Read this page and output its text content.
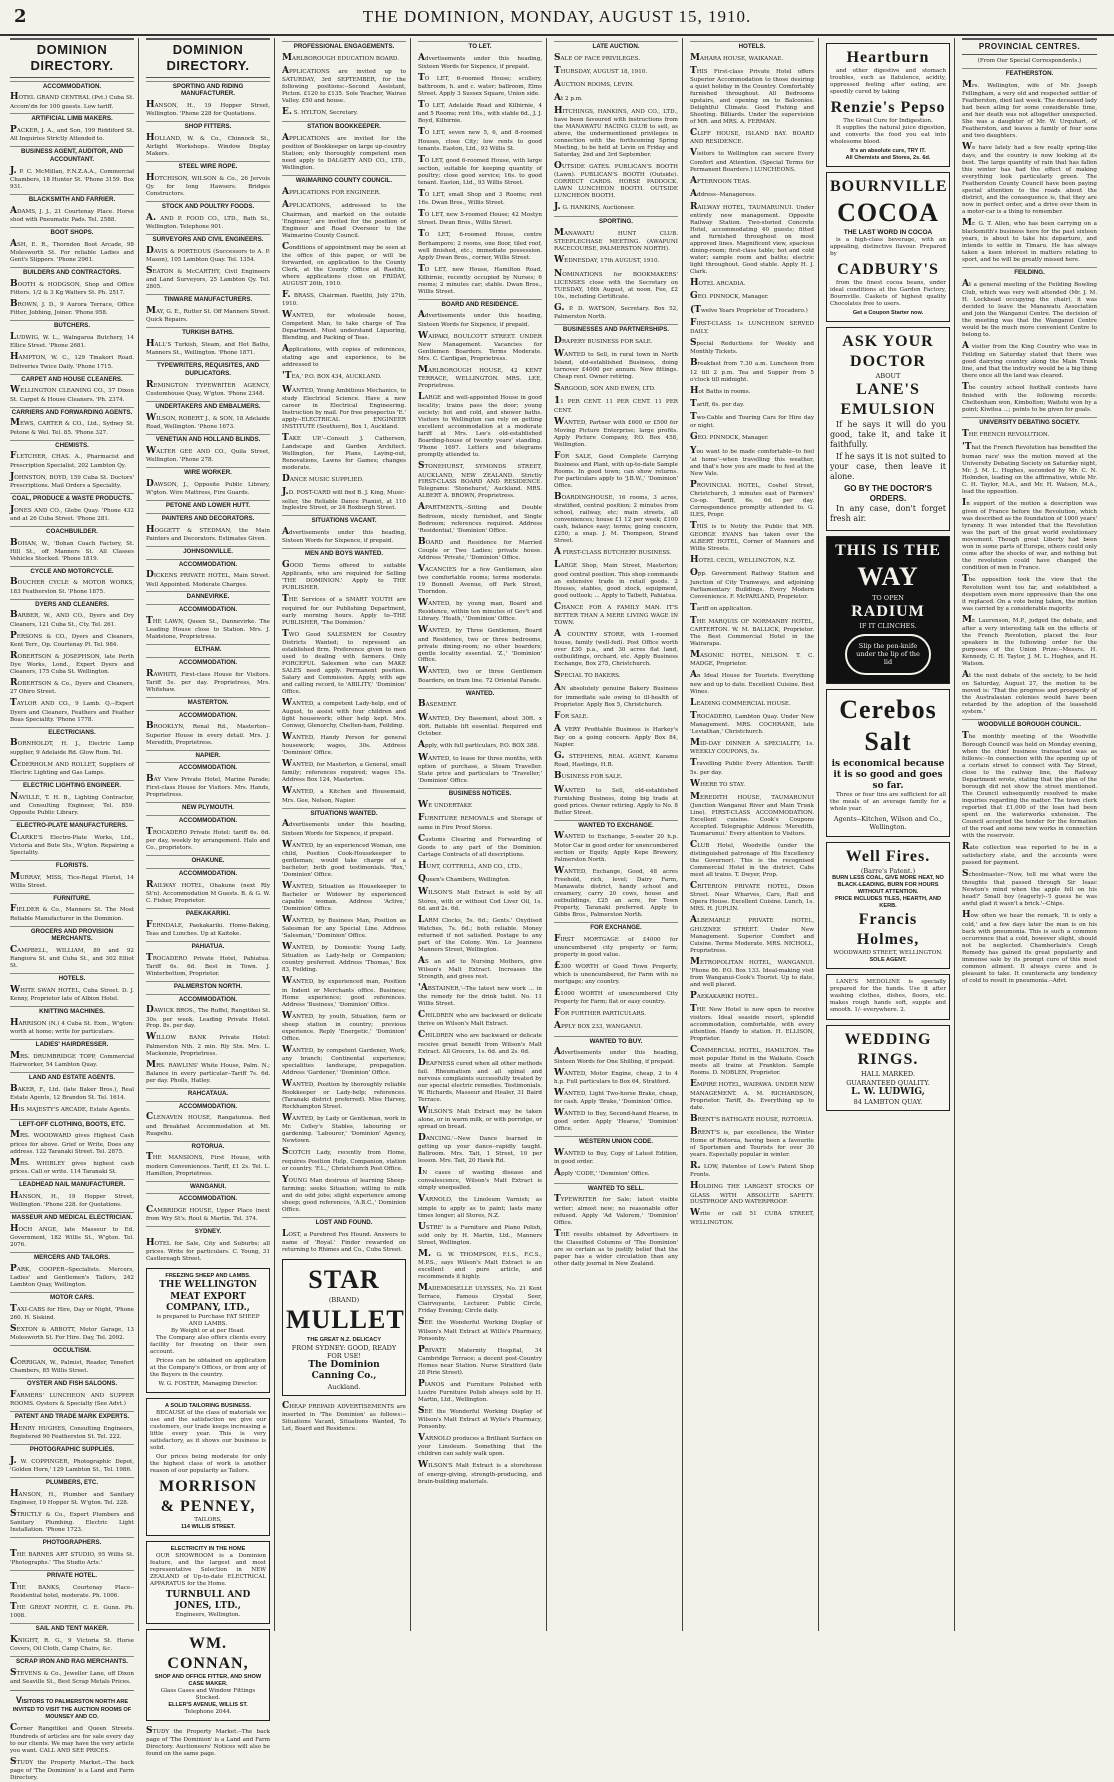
2	THE DOMINION, MONDAY, AUGUST 15, 1910.
DOMINION DIRECTORY.
ACCOMMODATION.
HOTEL GRAND CENTRAL (Pvt.) Cuba St. Accom'dn for 100 guests. Low tariff.
ARTIFICIAL LIMB MAKERS.
PACKER, J. A., and Son, 199 Riddiford St. All Inquiries Strictly Attended to.
BUSINESS AGENT, AUDITOR, AND ACCOUNTANT.
J. P. C. McMillan, F.N.Z.A.A., Commercial Chambers, 18 Hunter St. 'Phone 3159. Box 931.
BLACKSMITH AND FARRIER.
ADAMS, J. J., 21 Courtenay Place. Horse shod with Pneumatic Pads. Tel. 2588.
BOOT SHOPS.
ASH, E. R., Thorndon Boot Arcade, 98 Molesworth St. For reliable Ladies and Gent's Slippers. 'Phone 2961.
BUILDERS AND CONTRACTORS.
BOOTH & HODGSON, Shop and Office Fitters. 1/2 & 3 Kg Walters St. Ph. 2517.
BROWN, J. D., 9 Aurora Terrace, Office Fitter, Jobbing, Joiner. 'Phone 958.
BUTCHERS.
LUDWIG, W. L., Walngaroa Butchery, 14 Ellice Street. 'Phone 2681.
HAMPTON, W. C., 129 Tinakori Road. Deliveries Twice Daily. 'Phone 1715.
CARPET AND HOUSE CLEANERS.
WELLINGTON CLEANING CO., 37 Dixon St. Carpet & House Cleaners. 'Ph. 2374.
CARRIERS AND FORWARDING AGENTS.
MEWS, CARTER & CO., Ltd., Sydney St. Petone & Wel. Tel. 85. 'Phone 327.
CHEMISTS.
FLETCHER, CHAS. A., Pharmacist and Prescription Specialist, 202 Lambton Qy.
JOHNSTON, BOYD, 159 Cuba St. Doctors' Prescriptions. Mail Orders a Speciality.
COAL, PRODUCE & WASTE PRODUCTS.
JONES AND CO., Glebe Quay. 'Phone 432 and at 26 Cuba Street. 'Phone 281.
COACHBUILDER.
BOHAN, W., 'Bohan Coach Factory, St. Hill St., off Manners St. All Classes Vehicles Stocked. 'Phone 1819.
CYCLE AND MOTORCYCLE.
BOUCHER CYCLE & MOTOR WORKS, 183 Featherston St. 'Phone 1875.
DYERS AND CLEANERS.
BARBER, W., AND CO., Dyers and Dry Cleaners, 121 Cuba St., Cty. Tel. 261.
PERSONS & CO., Dyers and Cleaners, Kent Terr., Op. Courtenay Pl. Tel. 984.
ROBERTSON & JOSEPHSON, late Perth Dye Works, Lond., Expert Dyers and Cleaners, 175 Cuba St. Wellington.
ROBERTSON & Co., Dyers and Cleaners, 27 Ohiro Street.
TAYLOR AND CO., 9 Lamb. Q.--Expert Dyers and Cleaners, Feathers and Feather Boas Speciality. 'Phone 1778.
ELECTRICIANS.
BORNHOLDT, H. J., Electric Lamp supplier, 9 Adelaide Rd. Glow Rum. Tel.
CEDERHOLM AND ROLLET, Suppliers of Electric Lighting and Gas Lamps.
ELECTRIC LIGHTING ENGINEER.
NAVILLE, T. H. B., Lighting Contractor, and Consulting Engineer, Tel. 859. Opposite Public Library.
ELECTRO-PLATE MANUFACTURERS.
CLARKE'S Electro-Plate Works, Ltd., Victoria and Bute Sts., W'gton. Repairing a Speciality.
FLORISTS.
MURRAY, MISS, Tice-Regal Florist, 14 Willis Street.
FURNITURE.
FIELDER & Co., Manners St. The Most Reliable Manufacturer in the Dominion.
GROCERS AND PROVISION MERCHANTS.
CAMPBELL, WILLIAM, 89 and 92 Rangiora St. and Cuba St., and 302 Elliot St.
HOTELS.
WHITE SWAN HOTEL, Cuba Street. D. J. Kenny, Proprietor late of Albion Hotel.
KNITTING MACHINES.
HARRISON (N.) 4 Cuba St. Exm., W'gton: worth at home; write for particulars.
LADIES' HAIRDRESSER.
MRS. DRUMBRIDGE TOPP, Commercial Hairworker, 54 Lambton Quay.
LAND AND ESTATE AGENTS.
BAKER, F., Ltd. (late Baker Bros.), Real Estate Agents, 12 Brandon St. Tel. 1614.
HIS MAJESTY'S ARCADE, Estate Agents.
LEFT-OFF CLOTHING, BOOTS, ETC.
MRS. WOODWARD gives Highest Cash prices for above. Grief or Write, Does any address. 122 Taranaki Street. Tel. 2875.
MRS. WHIBLEY gives highest cash prices. Call or write. 114 Taranaki St.
LEADHEAD NAIL MANUFACTURER.
HANSON, H., 19 Hopper Street, Wellington. 'Phone 228. for Quotations.
MASSEUR AND MEDICAL ELECTRICIAN.
HOCH ANGE, late Masseur to Ed. Government, 182 Willis St., W'gton. Tel. 2076.
MERCERS AND TAILORS.
PARK, COOPER--Specialists. Mercers, Ladies' and Gentlemen's Tailors, 242 Lambton Quay, Wellington.
MOTOR CARS.
TAXI-CABS for Hire, Day or Night, 'Phone 260. H. Siskind.
SEXTON & ABBOTT, Motor Garage, 13 Molesworth St. For Hire. Day, Tel. 2092.
OCCULTISM.
CORRIGAN, W., Palmist, Reader, Tenefert Chambers, 85 Willis Street.
OYSTER AND FISH SALOONS.
FARMERS' LUNCHEON AND SUPPER ROOMS. Oysters & Specialty (See Advt.)
PATENT AND TRADE MARK EXPERTS.
HENRY HUGHES, Consulting Engineers, Registered 90 Featherston St. Tel. 222.
PHOTOGRAPHIC SUPPLIES.
J. W. COPPINGER, Photographic Depot, 'Golden Horn,' 129 Lambton St., Tel. 1986.
PLUMBERS, ETC.
HANSON, H., Plumber and Sanitary Engineer, 19 Hopper St. W'gton. Tel. 228.
STRICTLY & Co., Expert Plumbers and Sanitary Plumbing. Electric Light Installation. 'Phone 1723.
PHOTOGRAPHERS.
THE BARNES ART STUDIO, 95 Willis St. 'Photographs.' 'The Studio Arts.'
PRIVATE HOTEL.
THE BANKS, Courtenay Place--Residential hotel, moderate. Ph. 1006.
THE GREAT NORTH, C. E. Gunn. Ph. 1008.
SAIL AND TENT MAKER.
KNIGHT, R. G., 9 Victoria St. Horse Covers, Oil Cloth, Camp Chairs, &c.
SCRAP IRON AND RAG MERCHANTS.
STEVENS & Co., Jeweller Lane, off Dixon and Seaville St., Best Scrap Metals Prices.
VISITORS TO PALMERSTON NORTH ARE INVITED TO VISIT THE AUCTION ROOMS OF MOUNSEY AND CO.
Corner Rangitikei and Queen Streets. Hundreds of articles are for sale every day to our clients. We may have the very article you want. CALL AND SEE PRICES.
STUDY the Property Market.--The back page of 'The Dominion' is a Land and Farm Directory.
DOMINION DIRECTORY.
SPORTING AND RIDING MANUFACTURER.
HANSON, H., 19 Hopper Street, Wellington. 'Phone 228 for Quotations.
SHOP FITTERS.
HOLLAND, W. & Co., Chinnock St., Airlight Workshops. Window Display Makers.
STEEL WIRE ROPE.
HOTCHISON, WILSON & Co., 26 Jervois Qy. for long Hawsers. Bridges Constructors.
STOCK AND POULTRY FOODS.
A. AND P. FOOD CO., LTD., Bath St., Wellington. Telephone 901.
SURVEYORS AND CIVIL ENGINEERS.
DAVIS & PORTEOUS (Successors to A. P. Mason), 105 Lambton Quay. Tel. 1354.
SEATON & McCARTHY, Civil Engineers and Land Surveyors, 25 Lambton Qy. Tel. 2805.
TINWARE MANUFACTURERS.
MAY, G. E., Rutter St. Off Manners Street. Quick Repairs.
TURKISH BATHS.
HALL'S Turkish, Steam, and Hot Baths, Manners St., Wellington. 'Phone 1871.
TYPEWRITERS, REQUISITES, AND DUPLICATORS.
REMINGTON TYPEWRITER AGENCY, Customhouse Quay, W'gton. 'Phone 2348.
UNDERTAKERS AND EMBALMERS.
WILSON, ROBERT J., & SON, 18 Adelaide Road, Wellington. 'Phone 1673.
VENETIAN AND HOLLAND BLINDS.
WALTER GEE AND CO., Quila Street, Wellington. 'Phone 278.
WIRE WORKER.
DAWSON, J., Opposite Public Library, W'gton. Wire Mattress, Fire Guards.
PETONE AND LOWER HUTT.
PAINTERS AND DECORATORS.
HOGGETT & STEDMAN, the Main Painters and Decorators. Estimates Given.
JOHNSONVILLE.
ACCOMMODATION.
DICKENS PRIVATE HOTEL, Main Street. Well Appointed. Moderate Charges.
DANNEVIRKE.
ACCOMMODATION.
THE LAWN, Queen St., Dannevirke. The Leading House close to Station. Mrs. J. Maidstone, Proprietress.
ELTHAM.
ACCOMMODATION.
RAWHITI, First-class House for Visitors. Tariff 5s. per day. Proprietress, Mrs. Whitehaw.
MASTERTON.
ACCOMMODATION.
BROOKLYN, Renal Rd., Masterton--Superior House in every detail. Mrs. J. Meredith, Proprietress.
NAPIER.
ACCOMMODATION.
BAY View Private Hotel, Marine Parade; First-class House for Visitors. Mrs. Hands, Proprietress.
NEW PLYMOUTH.
ACCOMMODATION.
TROCADERO Private Hotel: tariff 6s. 6d. per day, weekly by arrangement. Halo and Co., proprietors.
OHAKUNE.
ACCOMMODATION.
RAILWAY HOTEL, Ohakune (next Rly St'n). Accommodation M Guests. B. & G. W. C. Fisher, Proprietor.
PAEKAKARIKI.
FERNDALE, Paekakariki. Home-Baking, Teas and Lunches. Up at Kaitoke.
PAHIATUA.
TROCADERO Private Hotel, Pahiatua. Tariff 6s. 6d. Best in Town. J. Winterbottom, Proprietor.
PALMERSTON NORTH.
ACCOMMODATION.
DAWICK BROS., The Ruffel, Rangitikei St. 30s. per week. Leading Private Hotel. Prop. 8s. per day.
WILLOW BANK Private Hotel: Palmerston Nth. 2 min. Rly Stn. Mrs. L. Mackenzie, Proprietress.
MRS. RAWLINS' White House, Palm. N.; Balance in every particular--Tariff 7s. 6d. per day. Pholls, Hatley.
RAHCATAUA.
ACCOMMODATION.
CLENAVEN HOUSE, Rangatunua. Bed and Breakfast Accommodation at Mt. Ruapehu.
ROTORUA.
THE MANSIONS, First House, with modern Conveniences. Tariff, £1 2s. Tel. L. Hamilton, Proprietress.
WANGANUI.
ACCOMMODATION.
CAMBRIDGE HOUSE, Upper Place (next from Wry St's. Rout & Martin. Tel. 374.
SYDNEY.
HOTEL for Sale, City and Suburbs; all prices. Write for particulars. C. Young, 31 Castlereagh Street.
FREEZING SHEEP AND LAMBS.
THE WELLINGTON MEAT EXPORT COMPANY, LTD.,
is prepared to Purchase FAT SHEEP AND LAMBS.
By Weight or at per Head.
The Company also offers clients every facility for freezing on their own account.
Prices can be obtained on application at the Company's Offices, or from any of the Buyers in the country.
W. G. FOSTER, Managing Director.
A SOLID TAILORING BUSINESS.
BECAUSE of the class of materials we use and the satisfaction we give our customers, our trade keeps increasing a little every year. This is very satisfactory, as it shows our business is solid.
Our prices being moderate for only the highest class of work is another reason of our popularity as Tailors.
MORRISON & PENNEY,
TAILORS,
114 WILLIS STREET.
ELECTRICITY IN THE HOME
OUR SHOWROOM is a Dominion feature, and the largest and most representative Selection in NEW ZEALAND of Up-to-date ELECTRICAL APPARATUS for the Home.
TURNBULL AND JONES, LTD.,
Engineers, Wellington.
WM. CONNAN,
SHOP AND OFFICE FITTER, AND SHOW CASE MAKER.
Glass Cases and Window Fittings Stocked.
ELLER'S AVENUE, WILLIS ST.
Telephone 2044.
STUDY the Property Market.--The back page of 'The Dominion' is a Land and Farm Directory. Auctioneers' Notices will also be found on the same page.
PROFESSIONAL ENGAGEMENTS.
MARLBOROUGH EDUCATION BOARD.
APPLICATIONS are invited up to SATURDAY, 3rd SEPTEMBER, for the following positions:--Second Assistant, Picton. £120 to £135. Sole Teacher, Wairau Valley. £50 and house.
E. S. HYLTON, Secretary.
STATION BOOKKEEPER.
APPLICATIONS are invited for the position of Bookkeeper on large up-country Station; only thoroughly competent men need apply to DALGETY AND CO., LTD., Wellington.
WAIMARINO COUNTY COUNCIL.
APPLICATIONS FOR ENGINEER.
APPLICATIONS, addressed to the Chairman, and marked on the outside 'Engineer,' are invited for the position of Engineer and Road Overseer to the Waimarino County Council.
Conditions of appointment may be seen at the office of this paper, or will be forwarded, on application to the County Clerk, at the County Office at Raetihi, where applications close on FRIDAY, AUGUST 26th, 1910.
F. BRASS, Chairman. Raetihi, July 27th, 1910.
WANTED, for wholesale house, Competent Man, to take charge of Tea Department. Must understand Liquoring, Blending, and Packing of Teas.
Applications, with copies of references, stating age and experience, to be addressed to
'TEA,' P.O. BOX 434, AUCKLAND.
WANTED, Young Ambitious Mechanics, to study Electrical Science. Have a new career in Electrical Engineering. Instruction by mail. For free prospectus 'E.' apply--ELECTRICAL ENGINEER INSTITUTE (Southern), Box 1, Auckland.
TAKE UP.'--Consult J. Catherson, Landscape and Garden Architect. Wellington, for Plans, Laying-out, Renovations, Lawns for Games; changes moderate.
DANCE MUSIC SUPPLIED.
J.D. POST-CARD will find B. J. King, Music-seller, the Reliable Dance Pianist, at 110 Inglestre Street, or 24 Roxburgh Street.
SITUATIONS VACANT.
Advertisements under this heading, Sixteen Words for Sixpence, if prepaid.
MEN AND BOYS WANTED.
GOOD Terms offered to suitable Applicants, who are required for Selling 'THE DOMINION.' Apply to THE PUBLISHER.
THE Services of a SMART YOUTH are required for our Publishing Department, early morning hours. Apply to--THE PUBLISHER, 'The Dominion.'
TWO Good SALESMEN for Country Districts Wanted; to represent an established firm. Preference given to men used to dealing with farmers. Only FORCEFUL Salesmen who can MAKE SALES need apply. Permanent position. Salary and Commission. Apply, with age and calling record, to 'ABILITY,' 'Dominion' Office.
WANTED, a competent Lady-help, end of August, to assist with four children and light housework; other help kept. Mrs. Conway, Glenorchy, Chelten-ham, Feilding.
WANTED, Handy Person for general housework; wages, 30s. Address 'Dominion' Office.
WANTED, for Masterton, a General, small family; references required; wages 15s. Address Box 124, Masterton.
WANTED, a Kitchen and Housemaid, Mrs. Gee, Nelson, Napier.
SITUATIONS WANTED.
Advertisements under this heading, Sixteen Words for Sixpence, if prepaid.
WANTED, by an experienced Woman, one child, Position Cook-Housekeeper to gentleman; would take charge of a bachelor; both good testimonials. 'Rex,' 'Dominion' Office.
WANTED, Situation as Housekeeper to Bachelor or Widower by experienced capable woman. Address 'Active,' 'Dominion' Office.
WANTED, by Business Man, Position as Salesman for any Special Line. Address 'Salesman,' 'Dominion' Office.
WANTED, by Domestic Young Lady, Situation as Lady-help or Companion; country preferred. Address 'Thomas,' Box 83, Feilding.
WANTED, by experienced man, Position in Indent or Merchants office. Business; Home experience; good references. Address 'Business,' 'Dominion' Office.
WANTED, by youth, Situation, farm or sheep station in country; previous experience. Reply 'Energetic,' 'Dominion' Office.
WANTED, by competent Gardener, Work, any branch; Continental experience; specialities landscape, propagation. Address 'Gardener,' 'Dominion' Office.
WANTED, Position by thoroughly reliable Bookkeeper or Lady-help; references. (Taranaki district preferred). Miss Harvey, Rockhampton Street.
WANTED, by Lady or Gentleman, work in Mr. Colley's Stables, labouring or gardening. 'Labourer,' 'Dominion' Agency, Newtown.
SCOTCH Lady, recently from Home, requires Position Help, Companion, station or country. 'F.L.,' Christchurch Post Office.
YOUNG Man desirous of learning Sheep-farming; seeks Situation; willing to milk and do odd jobs; slight experience among sheep; good references, 'A.B.C.,' Dominion Office.
LOST AND FOUND.
LOST, a Purebred Fox Hound. Answers to name of 'Royal.' Finder rewarded on returning to Rhimes and Co., Cuba Street.
STAR
(BRAND)
MULLET
THE GREAT N.Z. DELICACY
FROM SYDNEY: GOOD, READY FOR USE!
The Dominion Canning Co.,
Auckland.
CHEAP PREPAID ADVERTISEMENTS are inserted in 'The Dominion' as follows:--Situations Vacant, Situations Wanted, To Let, Board and Residence.
TO LET.
Advertisements under this heading, Sixteen Words for Sixpence, if prepaid.
TO LET, 6-roomed House; scullery, bathroom, h. and c. water; ballroom, Elms Street. Apply 3 Sussex Square, Union side.
TO LET, Adelaide Road and Kilbirnie, 4 and 5 Rooms; rent 16s., with stable 6d., J. J. Boyd, Kilbirnie.
TO LET, seven new 5, 6, and 8-roomed Houses, close City; low rents to good tenants. Easton, Ltd., 93 Willis St.
TO LET, good 6-roomed House, with large section, suitable for keeping quantity of poultry; close good service; 16s. to good tenant. Easton, Ltd., 93 Willis Street.
TO LET, small Shop and 3 Rooms; rent 16s. Dwan Bros., Willis Street.
TO LET, new 5-roomed House; 42 Mostyn Street. Dwan Bros., Willis Street.
TO LET, 6-roomed House, centre Berhampore; 2 rooms, one floor, tiled roof, well finished, etc.; immediate possession. Apply Dwan Bros., corner, Willis Street.
TO LET, new House, Hamilton Road, Kilbirnie, recently occupied by Nurses; 6 rooms; 2 minutes car; stable. Dwan Bros., Willis Street.
BOARD AND RESIDENCE.
Advertisements under this heading, Sixteen Words for Sixpence, if prepaid.
WAIPAKI, BOULCOTT STREET. UNDER New Management. Vacancies for Gentlemen Boarders. Terms Moderate. Mrs. C. Cardigan, Proprietress.
MARLBOROUGH HOUSE, 42 KENT TERRACE, WELLINGTON. MRS. LEE, Proprietress.
LARGE and well-appointed House in good locality; trains pass the door; young society; hot and cold, and shower baths. Visitors to Wellington can rely on getting excellent accommodation at a moderate tariff at Mrs. Lee's old-established Boarding-house of twenty years' standing. 'Phone 1697. Letters and telegrams promptly attended to.
STONEHURST, SYMONDS STREET, AUCKLAND, NEW ZEALAND. Strictly FIRST-CLASS BOARD AND RESIDENCE. Telegrams: 'Stonehurst,' Auckland. MRS. ALBERT A. BROWN, Proprietress.
APARTMENTS,--Sitting and Double Bedroom, nicely furnished, and Single Bedroom; references required. Address 'Residential,' 'Dominion' Office.
BOARD and Residence for Married Couple or Two Ladies; private house. Address 'Private,' 'Dominion' Office.
VACANCIES for a few Gentlemen, also two comfortable rooms; terms moderate. 19 Bunnell Avenue, off Park Street, Thorndon.
WANTED, by young man, Board and Residence, within ten minutes of Gov't and Library. 'Heath,' 'Dominion' Office.
WANTED, by Three Gentlemen, Board and Residence, two or three bedrooms, private dining-room; no other boarders; gentle locality essential. 'Z.,' 'Dominion' Office.
WANTED, two or three Gentlemen Boarders, on tram line. 72 Oriental Parade.
WANTED.
BASEMENT.
WANTED, Dry Basement, about 30ft. x 40ft. Reliable lift essential. Required end October.
Apply, with full particulars, P.O. BOX 388.
WANTED, to lease for three months, with option of purchase, a Steam Traveller. State price and particulars to 'Traveller,' 'Dominion' Office.
BUSINESS NOTICES.
WE UNDERTAKE
FURNITURE REMOVALS and Storage of same in Fire Proof Stores.
Customs Clearing and Forwarding of Goods to any part of the Dominion. Cartage Contracts of all descriptions.
HUNT, COTTRELL, AND CO., LTD.,
Queen's Chambers, Wellington.
WILSON'S Malt Extract is sold by all Stores, with or without Cod Liver Oil, 1s. 6d. and 2s. 6d.
LARM Clocks, 5s. 6d.; Gents.' Oxydised Watches, 7s. 6d.; both reliable. Money returned if not satisfied. Postage to any part of the Colony. Wm. Lo Jeanness Manners Street, Wellington.
AS an aid to Nursing Mothers, give Wilson's Malt Extract. Increases the Strength, and gives rest.
'ABSTAINER,'--The latest new work ... in the remedy for the drink habit. No. 11 Willis Street.
CHILDREN who are backward or delicate thrive on Wilson's Malt Extract.
CHILDREN who are backward or delicate receive great benefit from Wilson's Malt Extract. All Grocers, 1s. 6d. and 2s. 6d.
DEAFNESS cured when all other methods fail. Rheumatism and all spinal and nervous complaints successfully treated by our special electric remedies. Testimonials. W. Richards, Masseur and Healer, 31 Baird Terrace.
WILSON'S Malt Extract may be taken alone, or in warm milk, or with porridge, or spread on bread.
DANCING.'--New Dance learned in getting up your dance--rapidly taught. Ballroom. Mrs. Tait, 1 Street, 10 per lesson. Mrs. Tait, 20 Hawk Rd.
IN cases of wasting disease and convalescence, Wilson's Malt Extract is simply unequalled.
VARNOLO, the Linoleum Varnish; as simple to apply as to paint; lasts many times longer; all Stores, N.Z.
USTRE' is a Furniture and Piano Polish, sold only by H. Martin, Ltd., Manners Street, Wellington.
M. G. W. THOMPSON, F.I.S., F.C.S., M.P.S., says Wilson's Malt Extract is an excellent and pure article, and recommends it highly.
MADEMOISELLE ULYSSES, No. 21 Kent Terrace, Famous Crystal Seer, Clairvoyante, Lecturer. Public Circle, Friday Evening; Circle daily.
SEE the Wonderful Working Display of Wilson's Malt Extract at Willis's Pharmacy, Ponsonby.
PRIVATE Maternity Hospital, 34 Cambridge Terrace; a decent post-Country Homes near Station. Nurse Stratford (late 28 Pirie Street).
PIANOS and Furniture Polished with Lustre Furniture Polish always sold by H. Martin, Ltd., Wellington.
SEE the Wonderful Working Display of Wilson's Malt Extract at Wylie's Pharmacy, Ponsonby.
VARNOLO produces a Brilliant Surface on your Linoleum. Something that the children can safely walk upon.
WILSON'S Malt Extract is a storehouse of energy-giving, strength-producing, and brain-building materials.
LATE AUCTION.
SALE OF FACE PRIVILEGES.
THURSDAY, AUGUST 18, 1910.
AUCTION ROOMS, LEVIN.
At 2 p.m.
HITCHINGS, HANKINS, AND CO., LTD., have been favoured with instructions from the MANAWATU RACING CLUB to sell, as above, the undermentioned privileges in connection with the forthcoming Spring Meeting, to be held at Levin on Friday and Saturday, 2nd and 3rd September.
OUTSIDE GATES. PUBLICAN'S BOOTH (Lawn). PUBLICAN'S BOOTH (Outside). CORRECT CARDS. HORSE PADDOCK. LAWN LUNCHEON BOOTH. OUTSIDE LUNCHEON BOOTH.
J. G. HANKINS, Auctioneer.
SPORTING.
MANAWATU HUNT CLUB. STEEPLECHASE MEETING. (AWAPUNI RACECOURSE, PALMERSTON NORTH).
WEDNESDAY, 17th AUGUST, 1910.
NOMINATIONS for BOOKMAKERS' LICENSES close with the Secretary on TUESDAY, 16th August, at noon. Fee, £2 10s., including Certificate.
G. P. D. WATSON, Secretary. Box 52, Palmerston North.
BUSINESSES AND PARTNERSHIPS.
DRAPERY BUSINESS FOR SALE.
WANTED to Sell, in rural town in North Island, old-established Business, doing turnover £4000 per annum. New fittings. Cheap rent. Owner retiring.
SARGOOD, SON AND EWEN, LTD.
11 PER CENT. 11 PER CENT. 11 PER CENT.
WANTED, Partner with £600 or £500 for Moving Picture Enterprise; large profits. Apply Picture Company, P.O. Box 458, Wellington.
FOR SALE, Good Complete Carrying Business and Plant, with up-to-date Sample Rooms. In good town; can show returns. For particulars apply to 'J.B.W.,' 'Dominion' Office.
BOARDINGHOUSE, 16 rooms, 3 acres, stratified, central position; 2 minutes from school, railway, etc; main streets, all conveniences; house £1 12 per week; £100 cash, balance easy; terms; going concern, £250; a snap. J. M. Thompson, Strand Street.
A FIRST-CLASS BUTCHERY BUSINESS.
LARGE Shop, Main Street, Masterton; good central position. This shop commands an extensive trade in retail goods. 2 Houses, stables, good stock, equipment, good outlook; ... Apply to Taibett, Pahiatua.
CHANCE FOR A FAMILY MAN. IT'S BETTER THAN A MERE LIVING WAGE IN TOWN.
A COUNTRY STORE, with 1-roomed house, family (well-fed). Post Office worth over £30 p.a., and 30 acres flat land, outbuildings, orchard, etc. Apply Business Exchange, Box 275, Christchurch.
SPECIAL TO BAKERS.
AN absolutely genuine Bakery Business for immediate sale owing to ill-health of Proprietor. Apply Box 5, Christchurch.
FOR SALE.
A VERY Profitable Business is Harkey's Bay on a going concern. Apply Box 84, Napier.
G. STEPHENS, REAL AGENT, Karamu Road, Hastings, H.B.
BUSINESS FOR SALE.
WANTED to Sell, old-established Furnishing Business, doing big trade at good prices. Owner retiring. Apply to No. 8 Butler Street.
WANTED TO EXCHANGE.
WANTED to Exchange, 5-seater 20 h.p. Motor Car in good order for unencumbered section or Equity. Apply Kepe Brewery, Palmerston North.
WANTED, Exchange, Good, 48 acres Freehold, rich, level; Dairy Farm, Manawatu district, handy school and creamery, carry 20 cows, house and outbuildings, £25 an acre, for Town Property, Taranaki preferred. Apply to Gibbs Bros., Palmerston North.
FOR EXCHANGE.
FIRST MORTGAGE of £4000 for unencumbered city property or farm; property in good value.
£300 WORTH of Good Town Property, which is unencumbered, for Farm with no mortgage; any country.
£1000 WORTH of unencumbered City Property for Farm; flat or easy country.
FOR FURTHER PARTICULARS.
APPLY BOX 233, WANGANUI.
WANTED TO BUY.
Advertisements under this heading, Sixteen Words for One Shilling, if prepaid.
WANTED, Motor Engine, cheap, 2 to 4 h.p. Full particulars to Box 64, Stratford.
WANTED, Light Two-horse Brake, cheap, for cash. Apply 'Brake,' 'Dominion' Office.
WANTED to Buy, Second-hand Hearse, in good order. Apply 'Hearse,' 'Dominion' Office.
WESTERN UNION CODE.
WANTED to Buy, Copy of Latest Edition, in good order.
Apply 'CODE,' 'Dominion' Office.
WANTED TO SELL.
TYPEWRITER for Sale; latest visible writer; almost new; no reasonable offer refused. Apply 'Ad Valorem,' 'Dominion' Office.
THE results obtained by Advertisers in the Classified Columns of 'The Dominion' are so certain as to justify belief that the paper has a wider circulation than any other daily journal in New Zealand.
HOTELS.
MAHARA HOUSE, WAIKANAE.
THIS First-class Private Hotel offers Superior Accommodation to those desiring a quiet holiday in the Country. Comfortably furnished throughout. All Bedrooms upstairs, and opening on to Balconies. Delightful Climate. Good Fishing and Shooting. Billiards. Under the supervision of MR. and MRS. A. FERMAN.
CLIFF HOUSE, ISLAND BAY. BOARD AND RESIDENCE.
Visitors to Wellington can secure Every Comfort and Attention. (Special Terms for Permanent Boarders.) LUNCHEONS.
AFTERNOON TEAS.
Address--Manageress.
RAILWAY HOTEL, TAUMARUNUI. Under entirely new management. Opposite Railway Station. Two-storied Concrete Hotel, accommodating 40 guests; fitted and furnished throughout on most approved lines. Magnificent view, spacious dining-room; first-class table; hot and cold water; sample room and baths; electric light throughout. Good stable. Apply H. J. Clark.
HOTEL ARCADIA.
GEO. PINNOCK, Manager.
(Twelve Years Proprietor of Trocadero.)
FIRST-CLASS 1s LUNCHEON SERVED DAILY.
Special Reductions for Weekly and Monthly Tickets.
Breakfast from 7.30 a.m. Luncheon from 12 till 2 p.m. Tea and Supper from 5 o'clock till midnight.
Hot Baths in rooms.
Tariff, 6s. per day.
Two-Cable and Touring Cars for Hire day or night.
GEO. PINNOCK, Manager.
You want to be made comfortable--to feel 'at home'--when travelling this weather, and that's how you are made to feel at the New Vale.
PROVINCIAL HOTEL, Coshel Street, Christchurch, 3 minutes east of Farmers' Co-op. Tariff, 6s. 6d. per day. Correspondence promptly attended to. G. ILES, Propr.
THIS is to Notify the Public that MR. GEORGE EVANS has taken over the ALBERT HOTEL, Corner of Manners and Willis Streets.
HOTEL CECIL, WELLINGTON, N.Z.
Opp. Government Railway Station and Junction of City Tramways, and adjoining Parliamentary Buildings. Every Modern Convenience. F. McPARLAND, Proprietor.
Tariff on application.
THE MARQUIS OF NORMANBY HOTEL, CARTERTON. W. M. BALLICK, Proprietor. The Best Commercial Hotel in the Wairarapa.
MASONIC HOTEL, NELSON. T. C. MADGE, Proprietor.
An Ideal House for Tourists. Everything new and up to date. Excellent Cuisine. Best Wines.
LEADING COMMERCIAL HOUSE.
TROCADERO, Lambton Quay. Under New Management. MRS. COCHRANE, late 'Leviathan,' Christchurch.
MID-DAY DINNER A SPECIALITY, 1s. WEEKLY COUPONS, 5s.
Travelling Public Every Attention. Tariff: 5s. per day.
WHERE TO STAY.
MEREDITH HOUSE, TAUMARUNUI (Junction Wanganui River and Main Trunk Line). FIRST-CLASS ACCOMMODATION. Excellent cuisine. Cook's Coupons Accepted. Telegraphic Address: 'Meredith, Taumarunui.' Every attention to Visitors.
CLUB Hotel, Woodville (under the distinguished patronage of His Excellency the Governor). This is the recognised Commercial Hotel in the district. Cabs meet all trains. T. Dwyer, Prop.
CRITERION PRIVATE HOTEL, Dixon Street. Near Wharves, Cars, Rail and Opera House. Excellent Cuisine. Lunch, 1s. MRS. H. JUPLIN.
ALBEMARLE PRIVATE HOTEL, GHUZNEE STREET. Under New Management. Superior Comfort and Cuisine. Terms Moderate. MRS. NICHOLL, Proprietress.
METROPOLITAN HOTEL, WANGANUI. 'Phone 86. P.O. Box 133. Ideal-making visit from Wanganui-Cook's Tourist. Up to date, and well placed.
PAEKAKARIKI HOTEL.
THE New Hotel is now open to receive visitors. Ideal seaside resort, splendid accommodation, comfortable, with every attention. Handy to station. H. ELLISON, Proprietor.
COMMERCIAL HOTEL, HAMILTON. The most popular Hotel in the Waikato. Coach meets all trains at Frankton. Sample Rooms. D. NOBLEN, Proprietor.
EMPIRE HOTEL, WAIPAWA. UNDER NEW MANAGEMENT. A. M. RICHARDSON, Proprietor. Tariff, 8s. Everything up to date.
BRENT'S BATHGATE HOUSE, ROTORUA.
BRENT'S is, par excellence, the Winter Home of Rotorua, having been a favourite of Sportsmen and Tourists for over 30 years. Especially popular in winter.
R. LOW, Patentee of Low's Patent Shop Fronts.
HOLDING THE LARGEST STOCKS OF GLASS WITH ABSOLUTE SAFETY. DUSTPROOF AND WATERPROOF.
Write or call 51 CUBA STREET, WELLINGTON.
Heartburn
and other digestive and stomach troubles, such as flatulence, acidity, oppressed feeling after eating, are speedily cured by taking
Renzie's Pepso
The Great Cure for Indigestion.
It supplies the natural juice digestion, and converts the food you eat into wholesome blood.
It's an absolute cure, TRY IT.
All Chemists and Stores, 2s. 6d.
BOURNVILLE
COCOA
THE LAST WORD IN COCOA
is a high-class beverage, with an appealing, distinctive flavour. Prepared by
CADBURY'S
from the finest cocoa beans, under ideal conditions at the Garden Factory, Bournville. Caskets of highest quality Chocolates free to users.
Get a Coupon Starter now.
ASK YOUR DOCTOR
ABOUT
LANE'S EMULSION
If he says it will do you good, take it, and take it faithfully.
If he says it is not suited to your case, then leave it alone.
GO BY THE DOCTOR'S ORDERS.
In any case, don't forget fresh air.
THIS IS THE
WAY
TO OPEN
RADIUM
IF IT CLINCHES.
Slip the pen-knife under the lip of the lid
Cerebos
Salt
is economical because it is so good and goes so far.
Three or four tins are sufficient for all the meals of an average family for a whole year.
Agents--Kitchen, Wilson and Co., Wellington.
Well Fires.
(Barre's Patent.)
BURN LESS COAL, GIVE MORE HEAT, NO BLACK-LEADING, BURN FOR HOURS WITHOUT ATTENTION.
PRICE INCLUDES TILES, HEARTH, AND KERB.
Francis Holmes,
WOODWARD STREET, WELLINGTON.
SOLE AGENT.
LANE'S MEDOLINE is specially prepared for the hands. Use it after washing clothes, dishes, floors, etc. makes rough hands soft, supple and smooth. 1/- everywhere. 2.
WEDDING RINGS.
HALL MARKED.
GUARANTEED QUALITY.
L. W. LUDWIG,
84 LAMBTON QUAY.
PROVINCIAL CENTRES.
(From Our Special Correspondents.)
FEATHERSTON.
Mrs. Wellington, wife of Mr. Joseph Fellingham, a very old and respected settler of Featherston, died last week. The deceased lady had been ailing for some considerable time, and her death was not altogether unexpected. She was a daughter of Mr. W. Urquhart, of Featherston, and leaves a family of four sons and two daughters.
We have lately had a few really spring-like days, and the country is now looking at its best. The large quantity of rain that has fallen this winter has had the effect of making everything look particularly green. The Featherston County Council have been paying special attention to the roads about the district, and the consequence is, that they are now in perfect order, and a drive over them in a motor-car is a thing to remember.
Mr. G. T. Allen, who has been carrying on a blacksmith's business here for the past sixteen years, is about to take his departure, and intends to settle in Timaru. He has always taken a keen interest in matters relating to sport, and he will be greatly missed here.
FEILDING.
At a general meeting of the Feilding Bowling Club, which was very well attended (Mr. J. M. H. Lockhead occupying the chair), it was decided to leave the Manawatu Association and join the Wanganui Centre. The decision of the meeting was that the Wanganui Centre would be the much more convenient Centre to belong to.
A visitor from the King Country who was in Feilding on Saturday stated that there was good dairying country along the Main Trunk line, and that the industry would be a big thing there once all the land was cleared.
The country school football contests have finished with the following records: Cheltenham won, Kimbolton; Waitohi won by a point; Kiwitea ...; points to be given for goals.
UNIVERSITY DEBATING SOCIETY.
THE FRENCH REVOLUTION.
'That the French Revolution has benefited the human race' was the motion moved at the University Debating Society on Saturday night, Mr. J. M. L. Hughes, seconded by Mr. C. N. Holmden, leading on the affirmative, while Mr. C. H. Taylor, M.A., and Mr. H. Watson, M.A., lead the opposition.
In support of the motion a description was given of France before the Revolution, which was described as the foundation of 1000 years' tyranny. It was intended that the Revolution was the part of the great world evolutionary movement. Though great Liberty had been won in some parts of Europe, others could only come after the shocks of war, and nothing but the revolution could have changed the condition of men in France.
The opposition took the view that the Revolution went too far, and established a despotism even more oppressive than the one it replaced. On a vote being taken, the motion was carried by a considerable majority.
Mr. Laurenson, M.P., judged the debate, and after a very interesting talk on the effects of the French Revolution, placed the four speakers in the following order for the purposes of the Union Prize:--Messrs. H. Kennedy, C. H. Taylor, J. M. L. Hughes, and H. Watson.
At the next debate of the society, to be held on Saturday, August 27, the motion to be moved is: 'That the progress and prosperity of the Australasian colonies would have been retarded by the adoption of the leasehold system.'
WOODVILLE BOROUGH COUNCIL.
The monthly meeting of the Woodville Borough Council was held on Monday evening, when the chief business transacted was as follows:--In connection with the opening up of a certain street to connect with Tay Street, close to the railway line, the Railway Department wrote, stating that the plan of the borough did not show the street mentioned. The Council subsequently resolved to make inquiries regarding the matter. The town clerk reported that £1,000 of the loan had been spent on the waterworks extension. The Council accepted the tender for the formation of the road and some new works in connection with the reservoir.
Rate collection was reported to be in a satisfactory state, and the accounts were passed for payment.
Schoolmaster--'Now, tell me what were the thoughts that passed through Sir Isaac Newton's mind when the apple fell on his head?' Small boy (eagerly)--'I guess he was awful glad it wasn't a brick.'--Chips.
How often we hear the remark, 'It is only a cold,' and a few days later the man is on his back with pneumonia. This is such a common occurrence that a cold, however slight, should not be neglected. Chamberlain's Cough Remedy has gained its great popularity and immense sale by its prompt cure of this most common ailment. It always cures and is pleasant to take. It counteracts any tendency of cold to result in pneumonia.--Advt.
